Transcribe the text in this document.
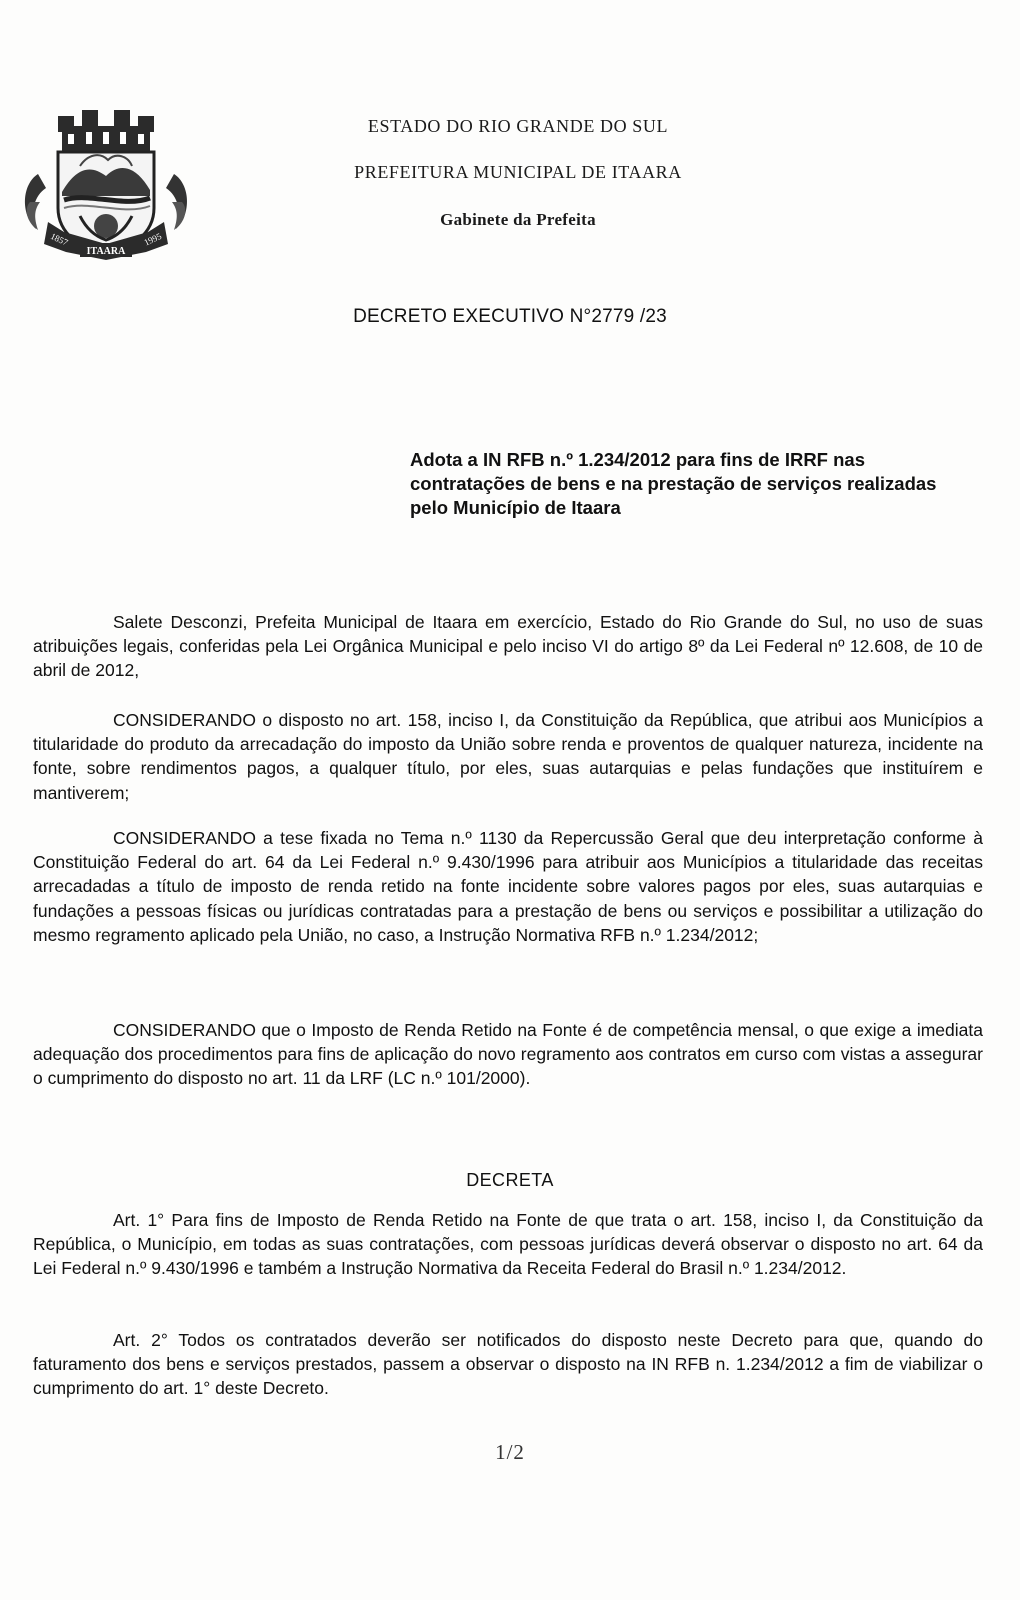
ITAARA
1857	1995
ESTADO DO RIO GRANDE DO SUL
PREFEITURA MUNICIPAL DE ITAARA
Gabinete da Prefeita
DECRETO EXECUTIVO N°2779 /23
Adota a IN RFB n.º 1.234/2012 para fins de IRRF nas contratações de bens e na prestação de serviços realizadas pelo Município de Itaara

Salete Desconzi, Prefeita Municipal de Itaara em exercício, Estado do Rio Grande do Sul, no uso de suas atribuições legais, conferidas pela Lei Orgânica Municipal e pelo inciso VI do artigo 8º da Lei Federal nº 12.608, de 10 de abril de 2012,

CONSIDERANDO o disposto no art. 158, inciso I, da Constituição da República, que atribui aos Municípios a titularidade do produto da arrecadação do imposto da União sobre renda e proventos de qualquer natureza, incidente na fonte, sobre rendimentos pagos, a qualquer título, por eles, suas autarquias e pelas fundações que instituírem e mantiverem;

CONSIDERANDO a tese fixada no Tema n.º 1130 da Repercussão Geral que deu interpretação conforme à Constituição Federal do art. 64 da Lei Federal n.º 9.430/1996 para atribuir aos Municípios a titularidade das receitas arrecadadas a título de imposto de renda retido na fonte incidente sobre valores pagos por eles, suas autarquias e fundações a pessoas físicas ou jurídicas contratadas para a prestação de bens ou serviços e possibilitar a utilização do mesmo regramento aplicado pela União, no caso, a Instrução Normativa RFB n.º 1.234/2012;

CONSIDERANDO que o Imposto de Renda Retido na Fonte é de competência mensal, o que exige a imediata adequação dos procedimentos para fins de aplicação do novo regramento aos contratos em curso com vistas a assegurar o cumprimento do disposto no art. 11 da LRF (LC n.º 101/2000).

DECRETA

Art. 1° Para fins de Imposto de Renda Retido na Fonte de que trata o art. 158, inciso I, da Constituição da República, o Município, em todas as suas contratações, com pessoas jurídicas deverá observar o disposto no art. 64 da Lei Federal n.º 9.430/1996 e também a Instrução Normativa da Receita Federal do Brasil n.º 1.234/2012.

Art. 2° Todos os contratados deverão ser notificados do disposto neste Decreto para que, quando do faturamento dos bens e serviços prestados, passem a observar o disposto na IN RFB n. 1.234/2012 a fim de viabilizar o cumprimento do art. 1° deste Decreto.

1/2
